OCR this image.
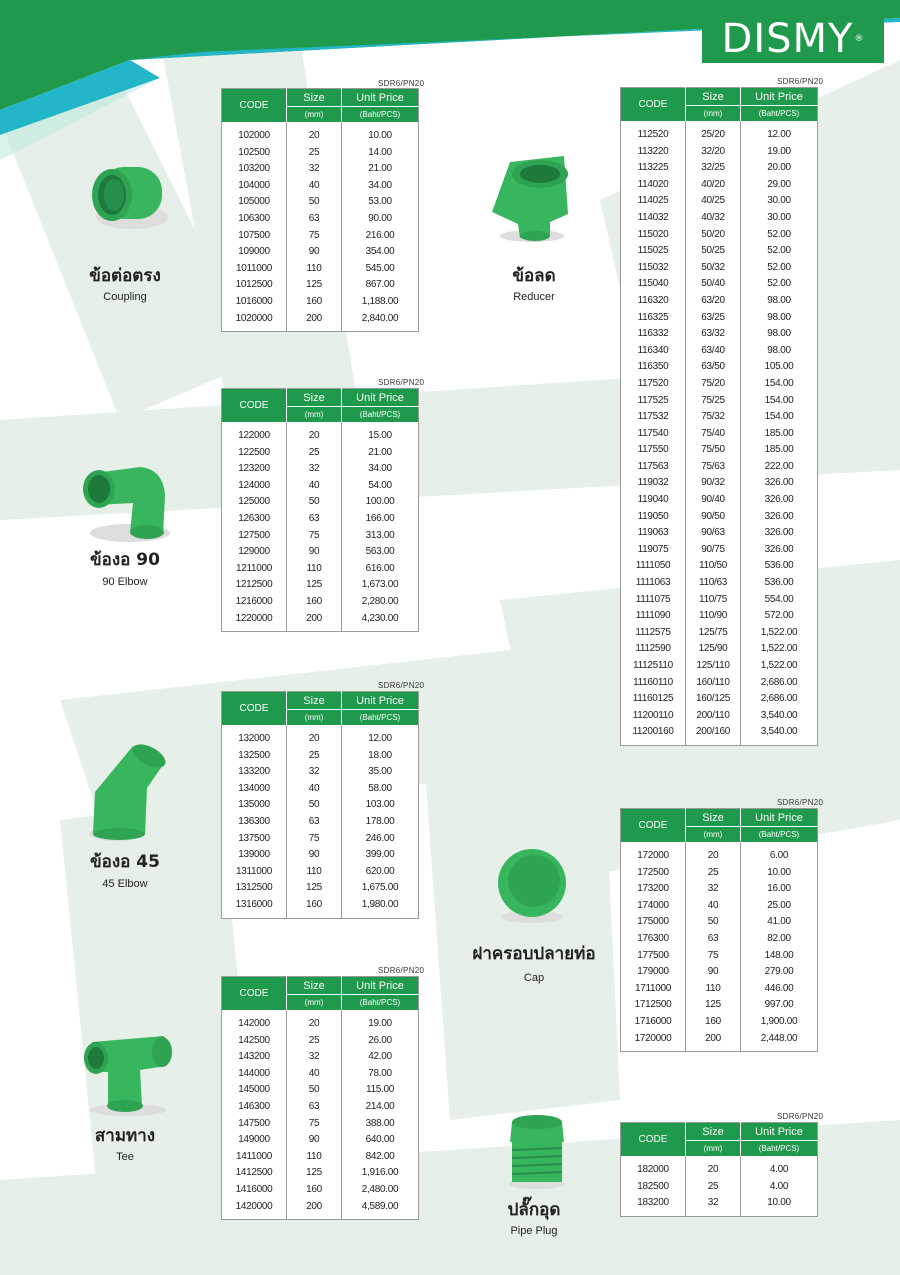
DISMY®
ข้อต่อตรง
Coupling
SDR6/PN20
CODE	Size	Unit Price
	(mm)	(Baht/PCS)
102000	20	10.00
102500	25	14.00
103200	32	21.00
104000	40	34.00
105000	50	53.00
106300	63	90.00
107500	75	216.00
109000	90	354.00
1011000	110	545.00
1012500	125	867.00
1016000	160	1,188.00
1020000	200	2,840.00
ข้องอ 90
90 Elbow
SDR6/PN20
CODE	Size	Unit Price
	(mm)	(Baht/PCS)
122000	20	15.00
122500	25	21.00
123200	32	34.00
124000	40	54.00
125000	50	100.00
126300	63	166.00
127500	75	313.00
129000	90	563.00
1211000	110	616.00
1212500	125	1,673.00
1216000	160	2,280.00
1220000	200	4,230.00
ข้องอ 45
45 Elbow
SDR6/PN20
CODE	Size	Unit Price
	(mm)	(Baht/PCS)
132000	20	12.00
132500	25	18.00
133200	32	35.00
134000	40	58.00
135000	50	103.00
136300	63	178.00
137500	75	246.00
139000	90	399.00
1311000	110	620.00
1312500	125	1,675.00
1316000	160	1,980.00
สามทาง
Tee
SDR6/PN20
CODE	Size	Unit Price
	(mm)	(Baht/PCS)
142000	20	19.00
142500	25	26.00
143200	32	42.00
144000	40	78.00
145000	50	115.00
146300	63	214.00
147500	75	388.00
149000	90	640.00
1411000	110	842.00
1412500	125	1,916.00
1416000	160	2,480.00
1420000	200	4,589.00
ข้อลด
Reducer
SDR6/PN20
CODE	Size	Unit Price
	(mm)	(Baht/PCS)
112520	25/20	12.00
113220	32/20	19.00
113225	32/25	20.00
114020	40/20	29.00
114025	40/25	30.00
114032	40/32	30.00
115020	50/20	52.00
115025	50/25	52.00
115032	50/32	52.00
115040	50/40	52.00
116320	63/20	98.00
116325	63/25	98.00
116332	63/32	98.00
116340	63/40	98.00
116350	63/50	105.00
117520	75/20	154.00
117525	75/25	154.00
117532	75/32	154.00
117540	75/40	185.00
117550	75/50	185.00
117563	75/63	222.00
119032	90/32	326.00
119040	90/40	326.00
119050	90/50	326.00
119063	90/63	326.00
119075	90/75	326.00
1111050	110/50	536.00
1111063	110/63	536.00
1111075	110/75	554.00
1111090	110/90	572.00
1112575	125/75	1,522.00
1112590	125/90	1,522.00
11125110	125/110	1,522.00
11160110	160/110	2,686.00
11160125	160/125	2,686.00
11200110	200/110	3,540.00
11200160	200/160	3,540.00
ฝาครอบปลายท่อ
Cap
SDR6/PN20
CODE	Size	Unit Price
	(mm)	(Baht/PCS)
172000	20	6.00
172500	25	10.00
173200	32	16.00
174000	40	25.00
175000	50	41.00
176300	63	82.00
177500	75	148.00
179000	90	279.00
1711000	110	446.00
1712500	125	997.00
1716000	160	1,900.00
1720000	200	2,448.00
ปลั๊กอุด
Pipe Plug
SDR6/PN20
CODE	Size	Unit Price
	(mm)	(Baht/PCS)
182000	20	4.00
182500	25	4.00
183200	32	10.00
